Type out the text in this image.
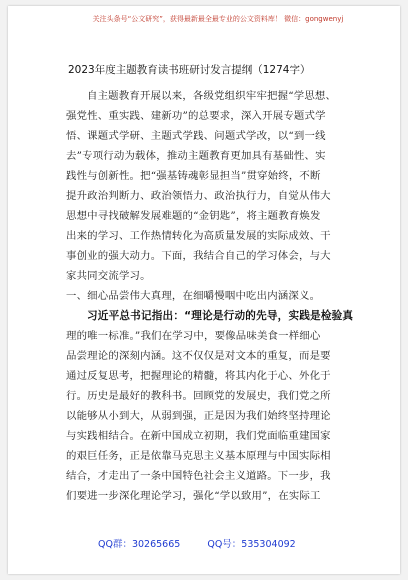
关注头条号“公文研究”，获得最新最全最专业的公文资料库！ 微信：gongwenyj
2023年度主题教育读书班研讨发言提纲（1274字）
自主题教育开展以来，各级党组织牢牢把握“学思想、
强党性、重实践、建新功”的总要求，深入开展专题式学
悟、课题式学研、主题式学践、问题式学改，以“到一线
去”专项行动为载体，推动主题教育更加具有基础性、实
践性与创新性。把“强基铸魂彰显担当”贯穿始终，不断
提升政治判断力、政治领悟力、政治执行力，自觉从伟大
思想中寻找破解发展难题的“金钥匙”，将主题教育焕发
出来的学习、工作热情转化为高质量发展的实际成效、干
事创业的强大动力。下面，我结合自己的学习体会，与大
家共同交流学习。
一、细心品尝伟大真理，在细嚼慢咽中吃出内涵深义。
习近平总书记指出：“理论是行动的先导，实践是检验真
理的唯一标准。”我们在学习中，要像品味美食一样细心
品尝理论的深刻内涵。这不仅仅是对文本的重复，而是要
通过反复思考，把握理论的精髓，将其内化于心、外化于
行。历史是最好的教科书。回顾党的发展史，我们党之所
以能够从小到大，从弱到强，正是因为我们始终坚持理论
与实践相结合。在新中国成立初期，我们党面临重建国家
的艰巨任务，正是依靠马克思主义基本原理与中国实际相
结合，才走出了一条中国特色社会主义道路。下一步，我
们要进一步深化理论学习，强化“学以致用”，在实际工
QQ群：30265665	QQ号：535304092
